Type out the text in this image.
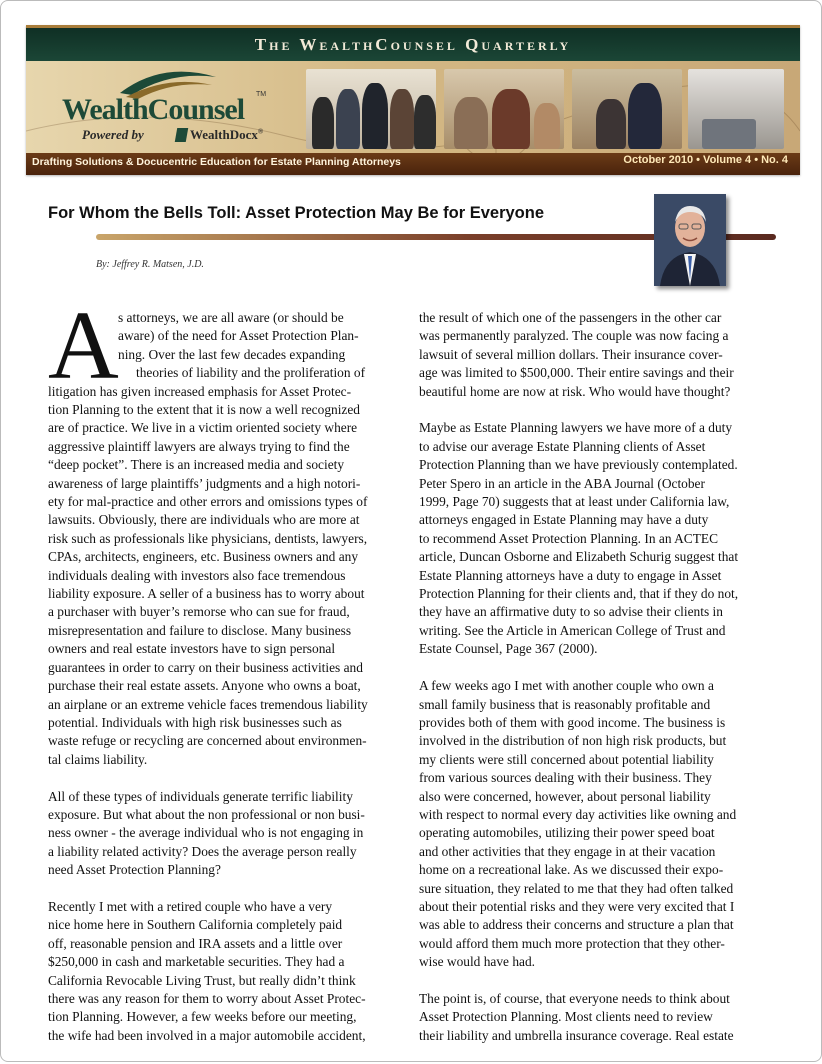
The WealthCounsel Quarterly
WealthCounsel TM
Powered by	WealthDocx®
Drafting Solutions & Docucentric Education for Estate Planning Attorneys	October 2010 • Volume 4 • No. 4
For Whom the Bells Toll: Asset Protection May Be for Everyone
By: Jeffrey R. Matsen, J.D.
A s attorneys, we are all aware (or should be
aware) of the need for Asset Protection Plan-
ning. Over the last few decades expanding
theories of liability and the proliferation of

litigation has given increased emphasis for Asset Protec-
tion Planning to the extent that it is now a well recognized
are of practice. We live in a victim oriented society where
aggressive plaintiff lawyers are always trying to find the
“deep pocket”. There is an increased media and society
awareness of large plaintiffs’ judgments and a high notori-
ety for mal-practice and other errors and omissions types of
lawsuits. Obviously, there are individuals who are more at
risk such as professionals like physicians, dentists, lawyers,
CPAs, architects, engineers, etc. Business owners and any
individuals dealing with investors also face tremendous
liability exposure. A seller of a business has to worry about
a purchaser with buyer’s remorse who can sue for fraud,
misrepresentation and failure to disclose. Many business
owners and real estate investors have to sign personal
guarantees in order to carry on their business activities and
purchase their real estate assets. Anyone who owns a boat,
an airplane or an extreme vehicle faces tremendous liability
potential. Individuals with high risk businesses such as
waste refuge or recycling are concerned about environmen-
tal claims liability.

All of these types of individuals generate terrific liability
exposure. But what about the non professional or non busi-
ness owner - the average individual who is not engaging in
a liability related activity? Does the average person really
need Asset Protection Planning?

Recently I met with a retired couple who have a very
nice home here in Southern California completely paid
off, reasonable pension and IRA assets and a little over
$250,000 in cash and marketable securities. They had a
California Revocable Living Trust, but really didn’t think
there was any reason for them to worry about Asset Protec-
tion Planning. However, a few weeks before our meeting,
the wife had been involved in a major automobile accident,

the result of which one of the passengers in the other car
was permanently paralyzed. The couple was now facing a
lawsuit of several million dollars. Their insurance cover-
age was limited to $500,000. Their entire savings and their
beautiful home are now at risk. Who would have thought?

Maybe as Estate Planning lawyers we have more of a duty
to advise our average Estate Planning clients of Asset
Protection Planning than we have previously contemplated.
Peter Spero in an article in the ABA Journal (October
1999, Page 70) suggests that at least under California law,
attorneys engaged in Estate Planning may have a duty
to recommend Asset Protection Planning. In an ACTEC
article, Duncan Osborne and Elizabeth Schurig suggest that
Estate Planning attorneys have a duty to engage in Asset
Protection Planning for their clients and, that if they do not,
they have an affirmative duty to so advise their clients in
writing. See the Article in American College of Trust and
Estate Counsel, Page 367 (2000).

A few weeks ago I met with another couple who own a
small family business that is reasonably profitable and
provides both of them with good income. The business is
involved in the distribution of non high risk products, but
my clients were still concerned about potential liability
from various sources dealing with their business. They
also were concerned, however, about personal liability
with respect to normal every day activities like owning and
operating automobiles, utilizing their power speed boat
and other activities that they engage in at their vacation
home on a recreational lake. As we discussed their expo-
sure situation, they related to me that they had often talked
about their potential risks and they were very excited that I
was able to address their concerns and structure a plan that
would afford them much more protection that they other-
wise would have had.

The point is, of course, that everyone needs to think about
Asset Protection Planning. Most clients need to review
their liability and umbrella insurance coverage. Real estate
